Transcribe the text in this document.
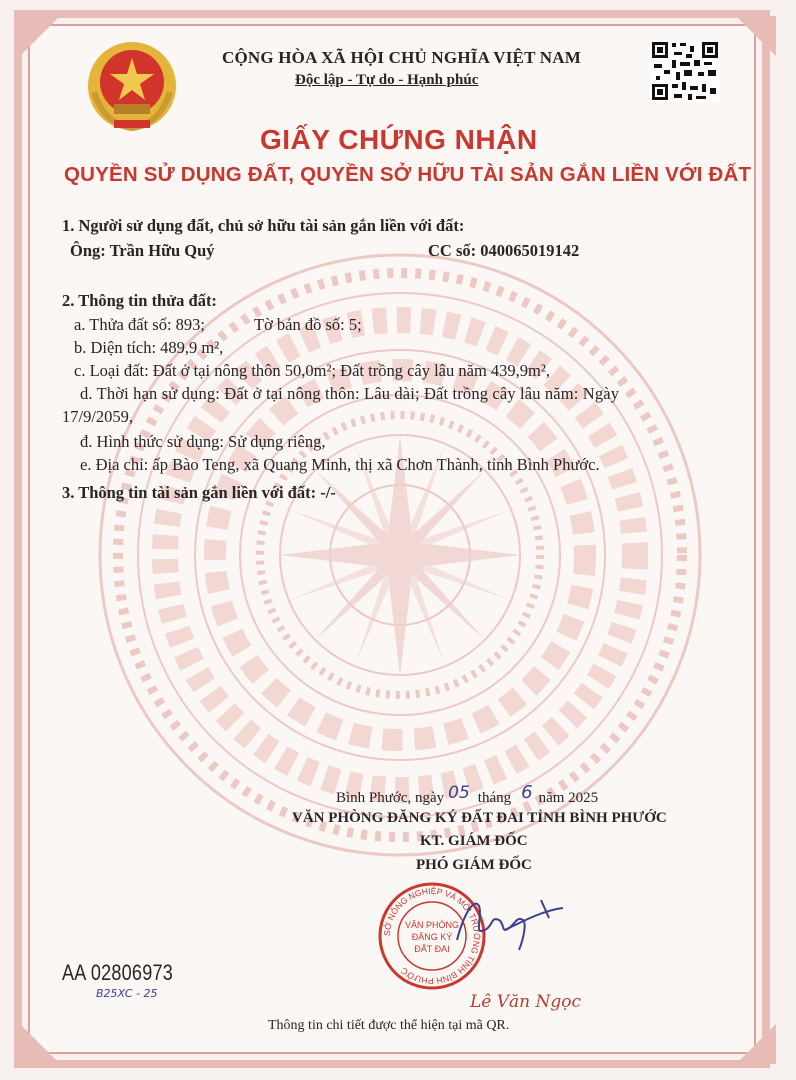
CỘNG HÒA XÃ HỘI CHỦ NGHĨA VIỆT NAM
Độc lập - Tự do - Hạnh phúc
GIẤY CHỨNG NHẬN
QUYỀN SỬ DỤNG ĐẤT, QUYỀN SỞ HỮU TÀI SẢN GẮN LIỀN VỚI ĐẤT
1. Người sử dụng đất, chủ sở hữu tài sản gắn liền với đất:
Ông: Trần Hữu Quý	CC số: 040065019142
2. Thông tin thửa đất:
a. Thửa đất số: 893;	Tờ bản đồ số: 5;
b. Diện tích: 489,9 m²,
c. Loại đất: Đất ở tại nông thôn 50,0m²; Đất trồng cây lâu năm 439,9m²,
d. Thời hạn sử dụng: Đất ở tại nông thôn: Lâu dài; Đất trồng cây lâu năm: Ngày
17/9/2059,
đ. Hình thức sử dụng: Sử dụng riêng,
e. Địa chỉ: ấp Bào Teng, xã Quang Minh, thị xã Chơn Thành, tỉnh Bình Phước.
3. Thông tin tài sản gắn liền với đất: -/-
Bình Phước, ngày 05 tháng 6 năm 2025
VĂN PHÒNG ĐĂNG KÝ ĐẤT ĐAI TỈNH BÌNH PHƯỚC
KT. GIÁM ĐỐC
PHÓ GIÁM ĐỐC
SỞ NÔNG NGHIỆP VÀ MÔI TRƯỜNG TỈNH BÌNH PHƯỚC
VĂN PHÒNG
ĐĂNG KÝ
ĐẤT ĐAI
Lê Văn Ngọc
AA 02806973
B25XC - 25
Thông tin chi tiết được thể hiện tại mã QR.
